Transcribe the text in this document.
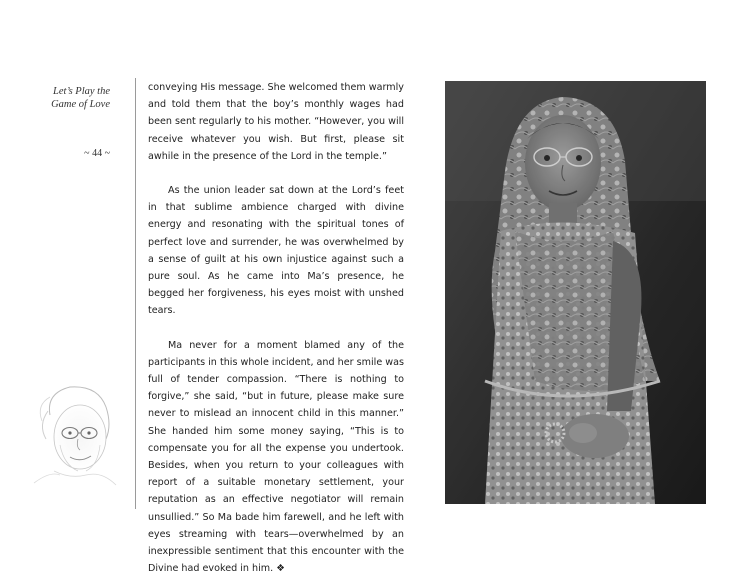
Let’s Play the
Game of Love
~ 44 ~

conveying His message. She welcomed them warmly and told them that the boy’s monthly wages had been sent regularly to his mother. “However, you will receive whatever you wish. But first, please sit awhile in the presence of the Lord in the temple.”

As the union leader sat down at the Lord’s feet in that sublime ambience charged with divine energy and resonating with the spiritual tones of perfect love and surrender, he was overwhelmed by a sense of guilt at his own injustice against such a pure soul. As he came into Ma’s presence, he begged her forgiveness, his eyes moist with unshed tears.

Ma never for a moment blamed any of the participants in this whole incident, and her smile was full of tender compassion. “There is nothing to forgive,” she said, “but in future, please make sure never to mislead an innocent child in this manner.” She handed him some money saying, “This is to compensate you for all the expense you undertook. Besides, when you return to your colleagues with report of a suitable monetary settlement, your reputation as an effective negotiator will remain unsullied.” So Ma bade him farewell, and he left with eyes streaming with tears—overwhelmed by an inexpressible sentiment that this encounter with the Divine had evoked in him. ❖
